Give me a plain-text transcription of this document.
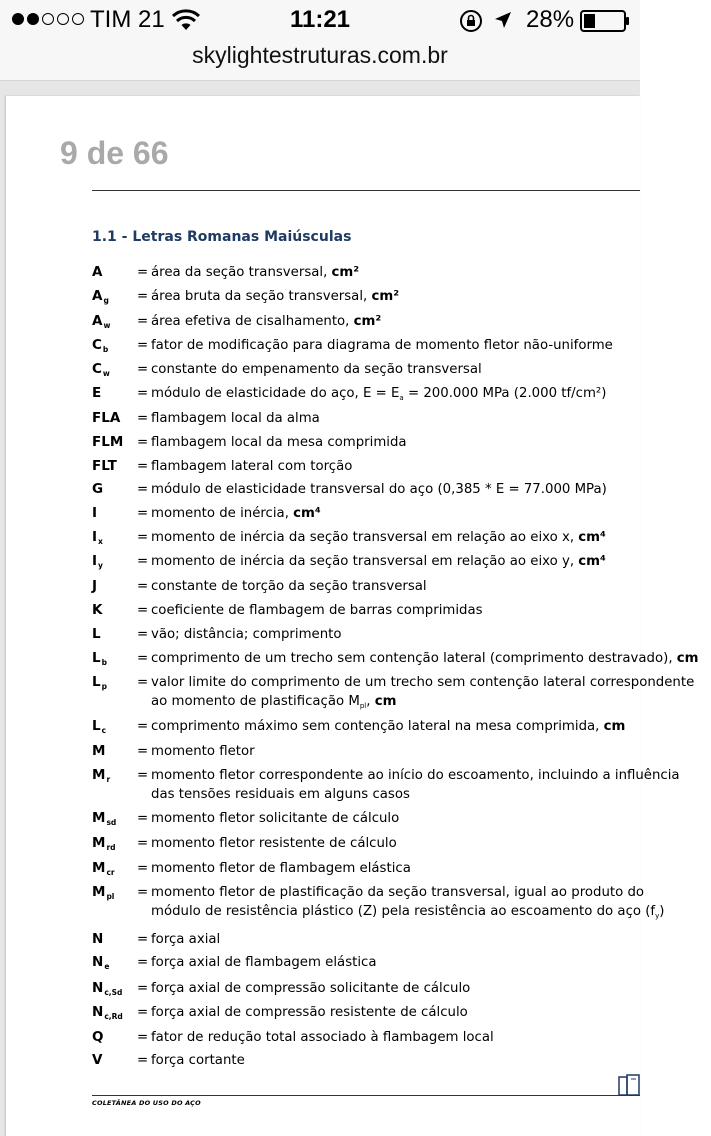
TIM 21	11:21	28%
skylightestruturas.com.br
9 de 66
1.1 - Letras Romanas Maiúsculas
A	= área da seção transversal, cm²
$A_g$	= área bruta da seção transversal, cm²
$A_w$	= área efetiva de cisalhamento, cm²
$C_b$	= fator de modificação para diagrama de momento fletor não-uniforme
$C_w$	= constante do empenamento da seção transversal
E	= módulo de elasticidade do aço, $E = E_a = 200.000$ MPa (2.000 tf/cm²)
FLA	= flambagem local da alma
FLM	= flambagem local da mesa comprimida
FLT	= flambagem lateral com torção
G	= módulo de elasticidade transversal do aço (0,385 * E = 77.000 MPa)
I	= momento de inércia, cm⁴
$I_x$	= momento de inércia da seção transversal em relação ao eixo x, cm⁴
$I_y$	= momento de inércia da seção transversal em relação ao eixo y, cm⁴
J	= constante de torção da seção transversal
K	= coeficiente de flambagem de barras comprimidas
L	= vão; distância; comprimento
$L_b$	= comprimento de um trecho sem contenção lateral (comprimento destravado), cm
$L_p$	= valor limite do comprimento de um trecho sem contenção lateral correspondente
ao momento de plastificação $M_{pl}$, cm
$L_c$	= comprimento máximo sem contenção lateral na mesa comprimida, cm
M	= momento fletor
$M_r$	= momento fletor correspondente ao início do escoamento, incluindo a influência
das tensões residuais em alguns casos
$M_{sd}$	= momento fletor solicitante de cálculo
$M_{rd}$	= momento fletor resistente de cálculo
$M_{cr}$	= momento fletor de flambagem elástica
$M_{pl}$	= momento fletor de plastificação da seção transversal, igual ao produto do
módulo de resistência plástico (Z) pela resistência ao escoamento do aço $(f_y)$
N	= força axial
$N_e$	= força axial de flambagem elástica
$N_{c,Sd}$	= força axial de compressão solicitante de cálculo
$N_{c,Rd}$	= força axial de compressão resistente de cálculo
Q	= fator de redução total associado à flambagem local
V	= força cortante
COLETÂNEA DO USO DO AÇO
